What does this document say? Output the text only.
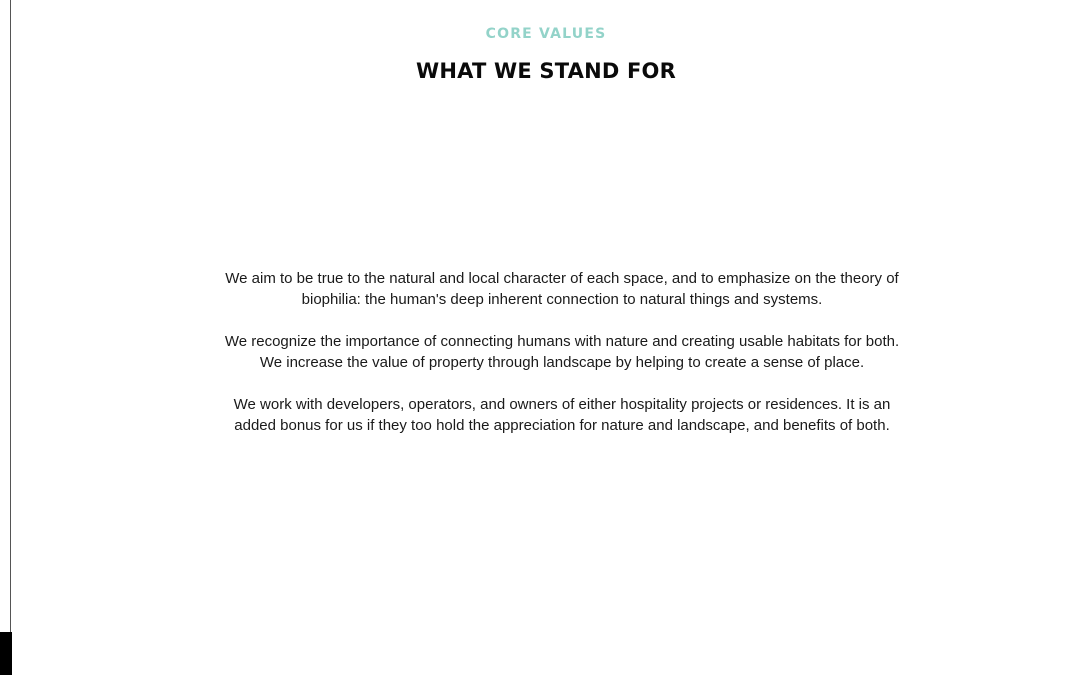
CORE VALUES
WHAT WE STAND FOR

We aim to be true to the natural and local character of each space, and to emphasize on the theory of biophilia: the human's deep inherent connection to natural things and systems.

We recognize the importance of connecting humans with nature and creating usable habitats for both. We increase the value of property through landscape by helping to create a sense of place.

We work with developers, operators, and owners of either hospitality projects or residences. It is an added bonus for us if they too hold the appreciation for nature and landscape, and benefits of both.
